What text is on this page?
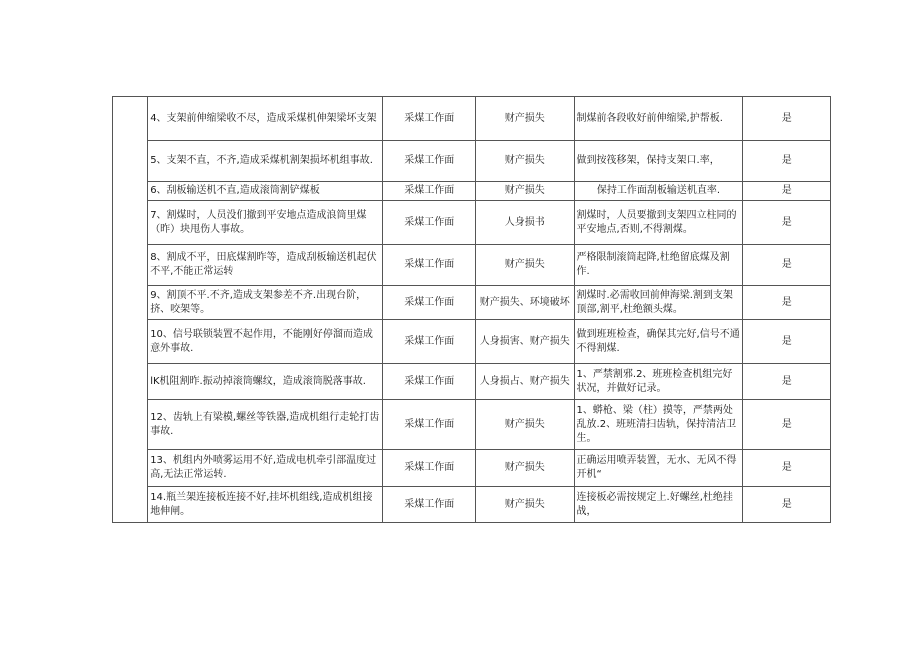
	4、支架前伸缩梁收不尽，造成采煤机伸架梁坏支架	采煤工作面	财产损失	制煤前各段收好前伸缩梁,护帮板.	是
	5、支架不直，不齐,造成采煤机割架损坏机组事故.	采煤工作面	财产损失	做到按筏移架，保持支架口.率，	是
	6、刮板输送机不直,造成滚筒割铲煤板	采煤工作面	财产损失	保持工作面刮板输送机直率.	是
	7、割煤时，人员没们撤到平安地点造成浪筒里煤（昨）块甩伤人事故。	采煤工作面	人身损书	割煤时，人员要撤到支架四立柱同的平安地点,否则,不得割煤。	是
	8、割成不平，田底煤割昨等，造成刮板输送机起伏不平,不能正常运转	采煤工作面	财产损失	严格限制滚筒起降,杜绝留底煤及割作.	是
	9、割顶不平.不齐,造成支架参差不齐.出现台阶，挤、咬架等。	采煤工作面	财产损失、环境破坏	割煤时.必需收回前伸海梁.割到支架顶部,割平,杜绝额头煤。	是
	10、信号联锁装置不起作用，不能刚好停溜而造成意外事故.	采煤工作面	人身损害、财产损失	做到班班检查，确保其完好,信号不通不得割煤.	是
	lK机阻割昨.振动掉滚筒螺纹，造成滚筒脱落事故.	采煤工作面	人身损占、财产损失	1、严禁割邪.2、班班检查机组完好状况，并做好记录。	是
	12、齿轨上有梁模,螺丝等铁器,造成机组行走轮打齿事故.	采煤工作面	财产损失	1、蟒枪、梁（柱）摸等，严禁两处乱放.2、班班清扫齿轨，保持清洁卫生。	是
	13、机组内外喷雾运用不好,造成电机牵引部温度过高,无法正常运转.	采煤工作面	财产损失	正确运用喷弄装置，无水、无风不得开机“	是
	14.瓶兰架连接板连接不好,挂坏机组线,造成机组接地伸闸。	采煤工作面	财产损失	连接板必需按规定上.好螺丝,杜绝挂战，	是
